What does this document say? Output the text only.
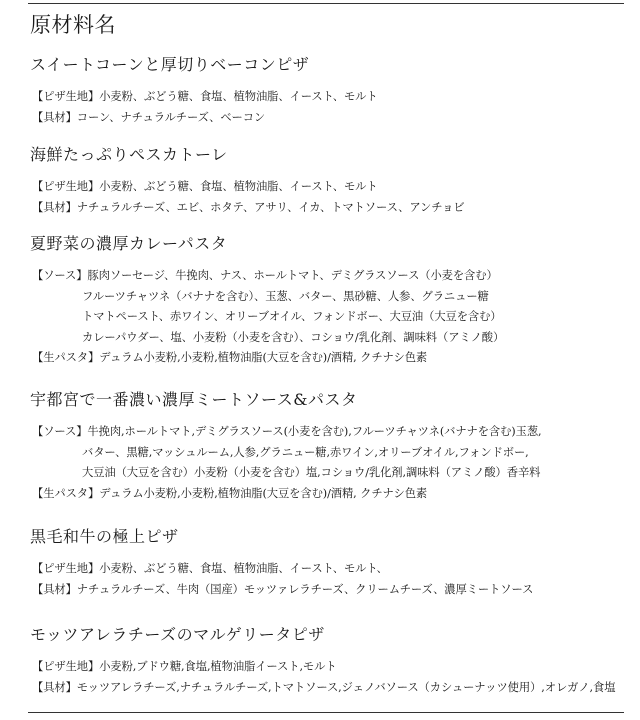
原材料名
スイートコーンと厚切りベーコンピザ
【ピザ生地】小麦粉、ぶどう糖、食塩、植物油脂、イースト、モルト
【具材】コーン、ナチュラルチーズ、ベーコン
海鮮たっぷりペスカトーレ
【ピザ生地】小麦粉、ぶどう糖、食塩、植物油脂、イースト、モルト
【具材】ナチュラルチーズ、エビ、ホタテ、アサリ、イカ、トマトソース、アンチョビ
夏野菜の濃厚カレーパスタ
【ソース】豚肉ソーセージ、牛挽肉、ナス、ホールトマト、デミグラスソース（小麦を含む）
フルーツチャツネ（バナナを含む）、玉葱、バター、黒砂糖、人参、グラニュー糖
トマトペースト、赤ワイン、オリーブオイル、フォンドボー、大豆油（大豆を含む）
カレーパウダー、塩、小麦粉（小麦を含む）、コショウ/乳化剤、調味料（アミノ酸）
【生パスタ】デュラム小麦粉,小麦粉,植物油脂(大豆を含む)/酒精, クチナシ色素
宇都宮で一番濃い濃厚ミートソース&パスタ
【ソース】牛挽肉,ホールトマト,デミグラスソース(小麦を含む),フルーツチャツネ(バナナを含む)玉葱,
バター、黒糖,マッシュルーム,人参,グラニュー糖,赤ワイン,オリーブオイル,フォンドボー,
大豆油（大豆を含む）小麦粉（小麦を含む）塩,コショウ/乳化剤,調味料（アミノ酸）香辛料
【生パスタ】デュラム小麦粉,小麦粉,植物油脂(大豆を含む)/酒精, クチナシ色素
黒毛和牛の極上ピザ
【ピザ生地】小麦粉、ぶどう糖、食塩、植物油脂、イースト、モルト、
【具材】ナチュラルチーズ、牛肉（国産）モッツァレラチーズ、クリームチーズ、濃厚ミートソース
モッツアレラチーズのマルゲリータピザ
【ピザ生地】小麦粉,ブドウ糖,食塩,植物油脂イースト,モルト
【具材】モッツアレラチーズ,ナチュラルチーズ,トマトソース,ジェノバソース（カシューナッツ使用）,オレガノ,食塩
